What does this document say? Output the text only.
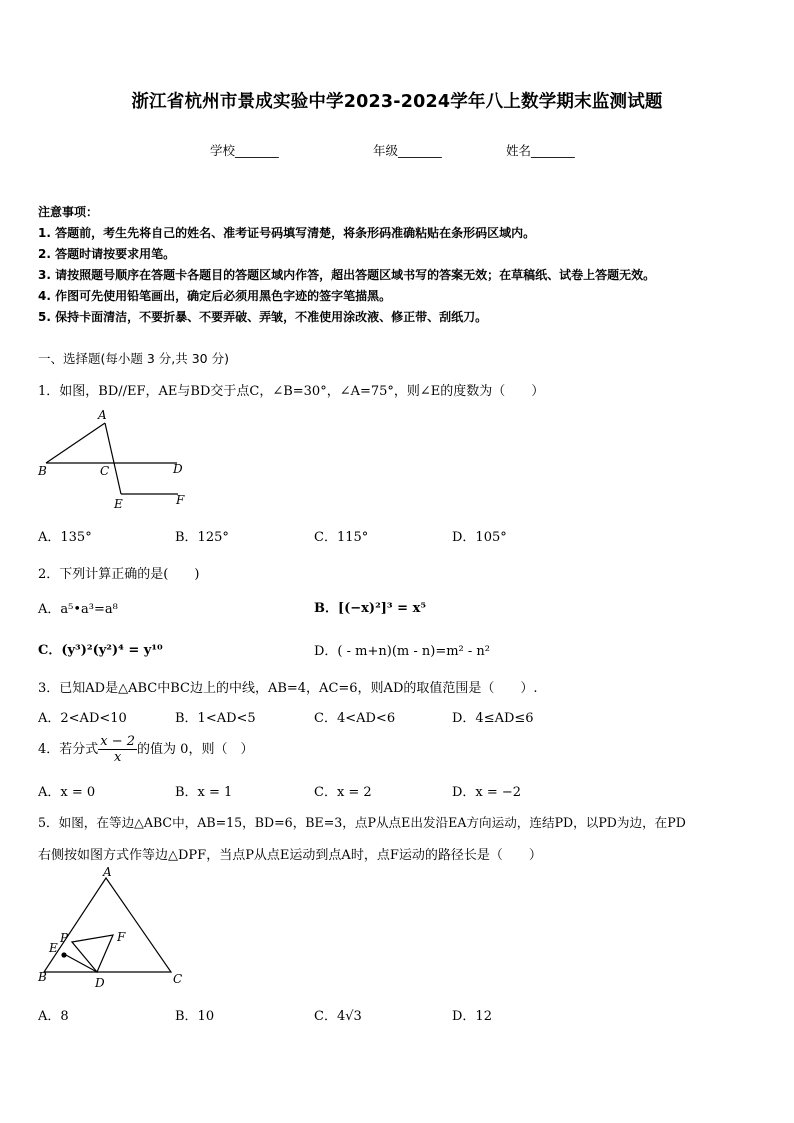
浙江省杭州市景成实验中学2023-2024学年八上数学期末监测试题
学校_______	年级_______	姓名_______
注意事项：
1. 答题前，考生先将自己的姓名、准考证号码填写清楚，将条形码准确粘贴在条形码区域内。
2. 答题时请按要求用笔。
3. 请按照题号顺序在答题卡各题目的答题区域内作答，超出答题区域书写的答案无效；在草稿纸、试卷上答题无效。
4. 作图可先使用铅笔画出，确定后必须用黑色字迹的签字笔描黑。
5. 保持卡面清洁，不要折暴、不要弄破、弄皱，不准使用涂改液、修正带、刮纸刀。
一、选择题(每小题 3 分,共 30 分)
1．如图，BD//EF，AE与BD交于点C，∠B=30°，∠A=75°，则∠E的度数为（　　）
A
B	C	D
E	F
A．135°	B．125°	C．115°	D．105°
2．下列计算正确的是(　　)
A．a⁵•a³=a⁸	B．[(−x)²]³ = x⁵
C．(y³)²(y²)⁴ = y¹⁰	D．( - m+n)(m - n)=m² - n²
3．已知AD是△ABC中BC边上的中线，AB=4，AC=6，则AD的取值范围是（　　）.
A．2<AD<10	B．1<AD<5	C．4<AD<6	D．4≤AD≤6
4．若分式 $\frac{x - 2}{x}$ 的值为 0，则（　）
A．x = 0	B．x = 1	C．x = 2	D．x = −2
5．如图，在等边△ABC中，AB=15，BD=6，BE=3，点P从点E出发沿EA方向运动，连结PD，以PD为边，在PD
右侧按如图方式作等边△DPF，当点P从点E运动到点A时，点F运动的路径长是（　　）
A
B	C
D
E
F
P
A．8	B．10	C．4√3	D．12
